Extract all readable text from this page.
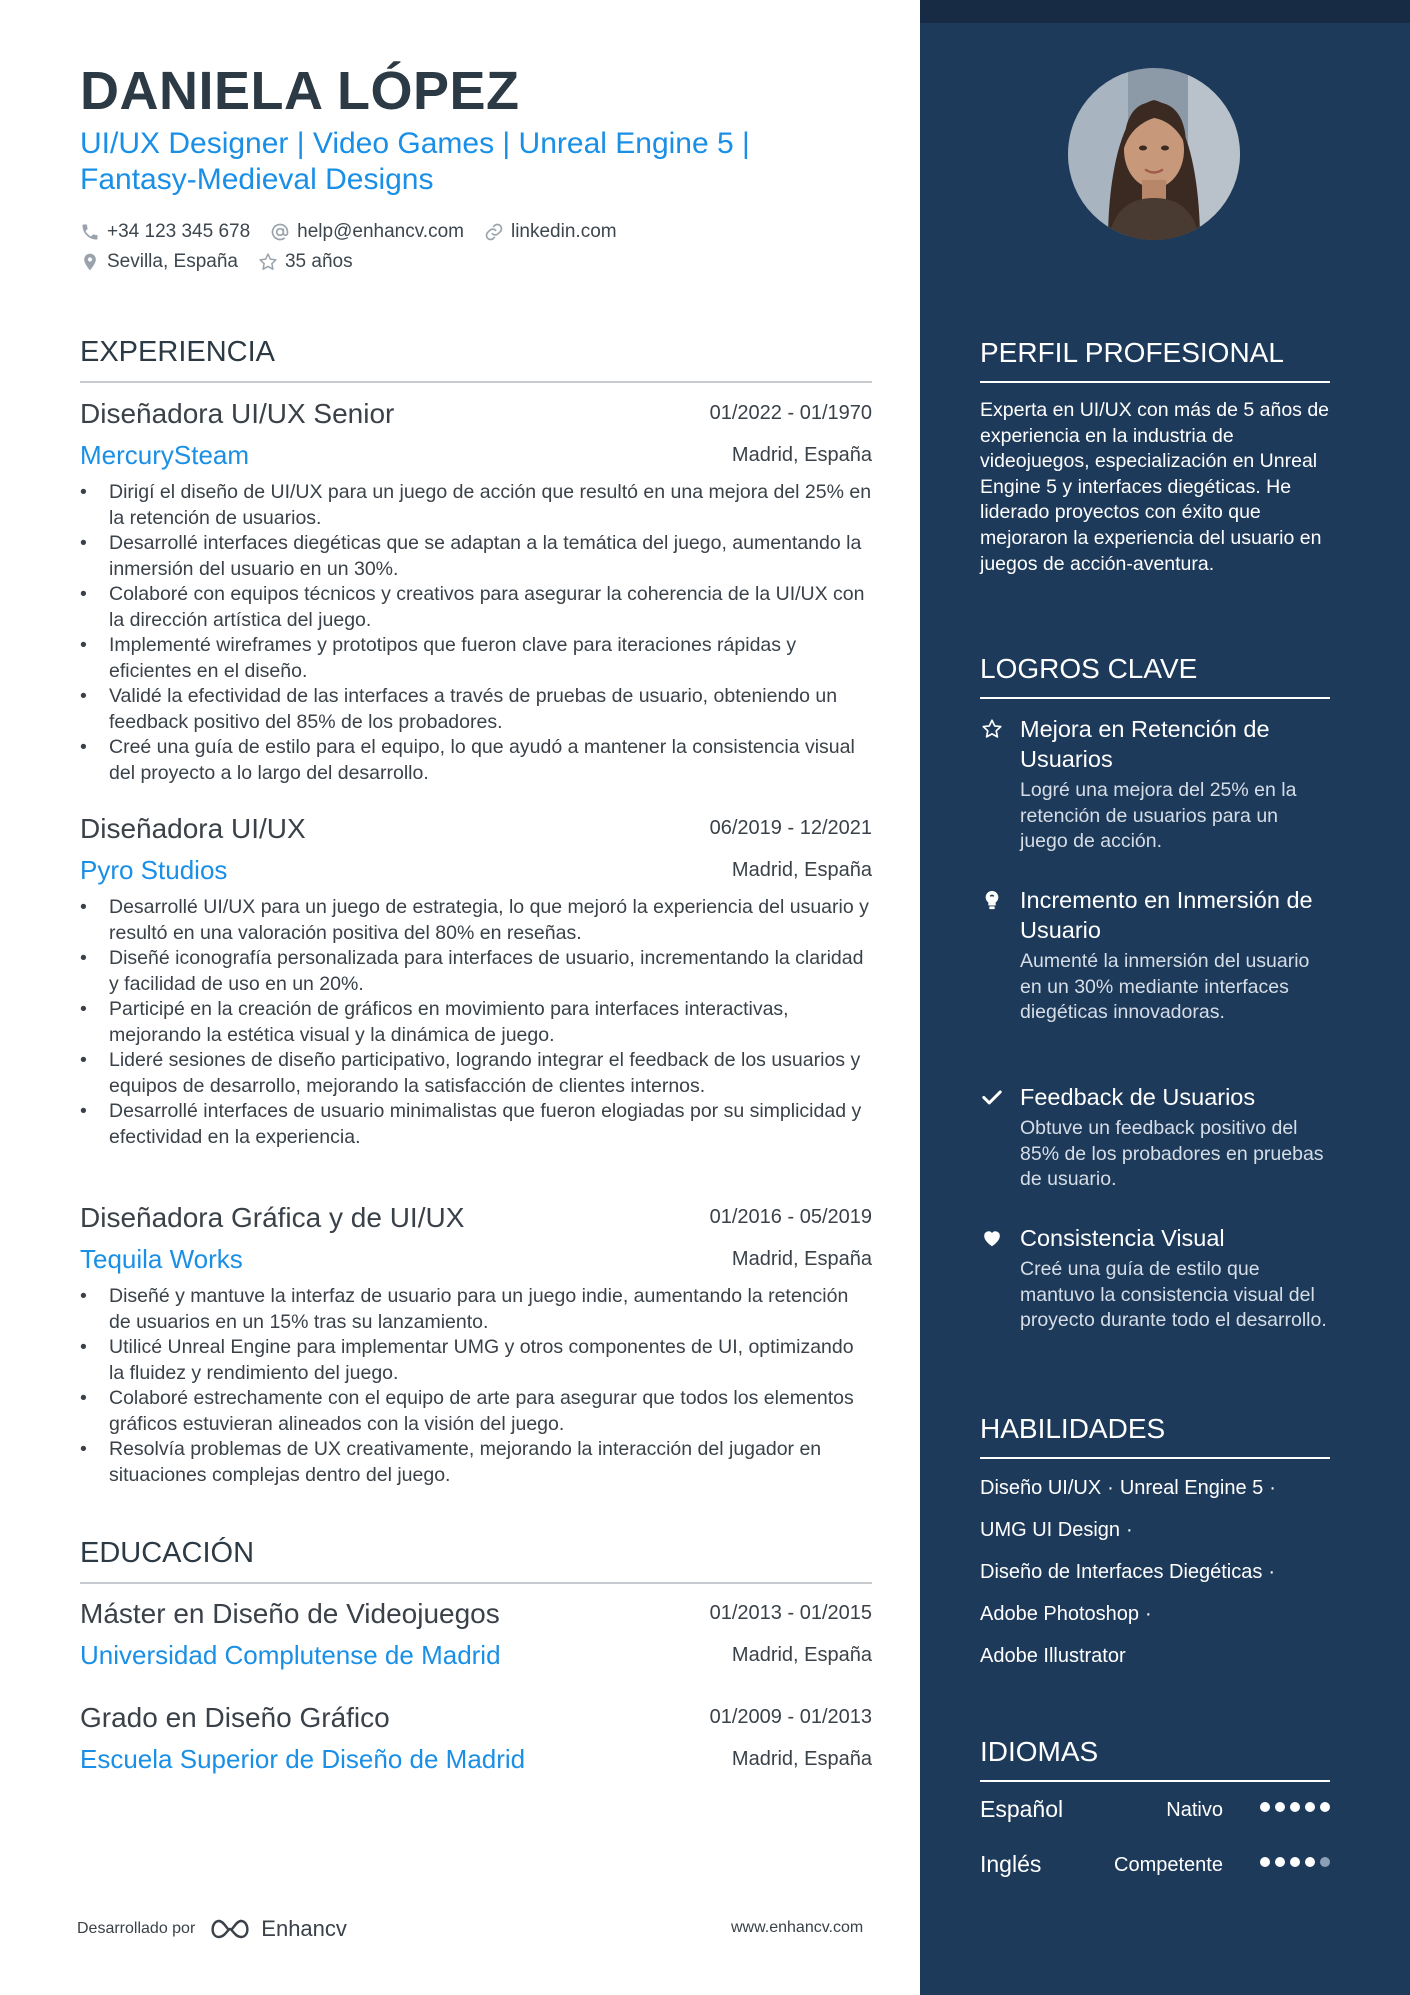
DANIELA LÓPEZ
UI/UX Designer | Video Games | Unreal Engine 5 | Fantasy-Medieval Designs
+34 123 345 678 help@enhancv.com linkedin.com
Sevilla, España 35 años
EXPERIENCIA
Diseñadora UI/UX Senior	01/2022 - 01/1970
MercurySteam	Madrid, España
• Dirigí el diseño de UI/UX para un juego de acción que resultó en una mejora del 25% en la retención de usuarios.
• Desarrollé interfaces diegéticas que se adaptan a la temática del juego, aumentando la inmersión del usuario en un 30%.
• Colaboré con equipos técnicos y creativos para asegurar la coherencia de la UI/UX con la dirección artística del juego.
• Implementé wireframes y prototipos que fueron clave para iteraciones rápidas y eficientes en el diseño.
• Validé la efectividad de las interfaces a través de pruebas de usuario, obteniendo un feedback positivo del 85% de los probadores.
• Creé una guía de estilo para el equipo, lo que ayudó a mantener la consistencia visual del proyecto a lo largo del desarrollo.
Diseñadora UI/UX	06/2019 - 12/2021
Pyro Studios	Madrid, España
• Desarrollé UI/UX para un juego de estrategia, lo que mejoró la experiencia del usuario y resultó en una valoración positiva del 80% en reseñas.
• Diseñé iconografía personalizada para interfaces de usuario, incrementando la claridad y facilidad de uso en un 20%.
• Participé en la creación de gráficos en movimiento para interfaces interactivas, mejorando la estética visual y la dinámica de juego.
• Lideré sesiones de diseño participativo, logrando integrar el feedback de los usuarios y equipos de desarrollo, mejorando la satisfacción de clientes internos.
• Desarrollé interfaces de usuario minimalistas que fueron elogiadas por su simplicidad y efectividad en la experiencia.
Diseñadora Gráfica y de UI/UX	01/2016 - 05/2019
Tequila Works	Madrid, España
• Diseñé y mantuve la interfaz de usuario para un juego indie, aumentando la retención de usuarios en un 15% tras su lanzamiento.
• Utilicé Unreal Engine para implementar UMG y otros componentes de UI, optimizando la fluidez y rendimiento del juego.
• Colaboré estrechamente con el equipo de arte para asegurar que todos los elementos gráficos estuvieran alineados con la visión del juego.
• Resolvía problemas de UX creativamente, mejorando la interacción del jugador en situaciones complejas dentro del juego.
EDUCACIÓN
Máster en Diseño de Videojuegos	01/2013 - 01/2015
Universidad Complutense de Madrid	Madrid, España
Grado en Diseño Gráfico	01/2009 - 01/2013
Escuela Superior de Diseño de Madrid	Madrid, España
Desarrollado por	Enhancv	www.enhancv.com
PERFIL PROFESIONAL
Experta en UI/UX con más de 5 años de experiencia en la industria de videojuegos, especialización en Unreal Engine 5 y interfaces diegéticas. He liderado proyectos con éxito que mejoraron la experiencia del usuario en juegos de acción-aventura.
LOGROS CLAVE
Mejora en Retención de Usuarios
Logré una mejora del 25% en la retención de usuarios para un juego de acción.
Incremento en Inmersión de Usuario
Aumenté la inmersión del usuario en un 30% mediante interfaces diegéticas innovadoras.
Feedback de Usuarios
Obtuve un feedback positivo del 85% de los probadores en pruebas de usuario.
Consistencia Visual
Creé una guía de estilo que mantuvo la consistencia visual del proyecto durante todo el desarrollo.
HABILIDADES
Diseño UI/UX · Unreal Engine 5 ·
UMG UI Design ·
Diseño de Interfaces Diegéticas ·
Adobe Photoshop ·
Adobe Illustrator
IDIOMAS
Español	Nativo
Inglés	Competente
